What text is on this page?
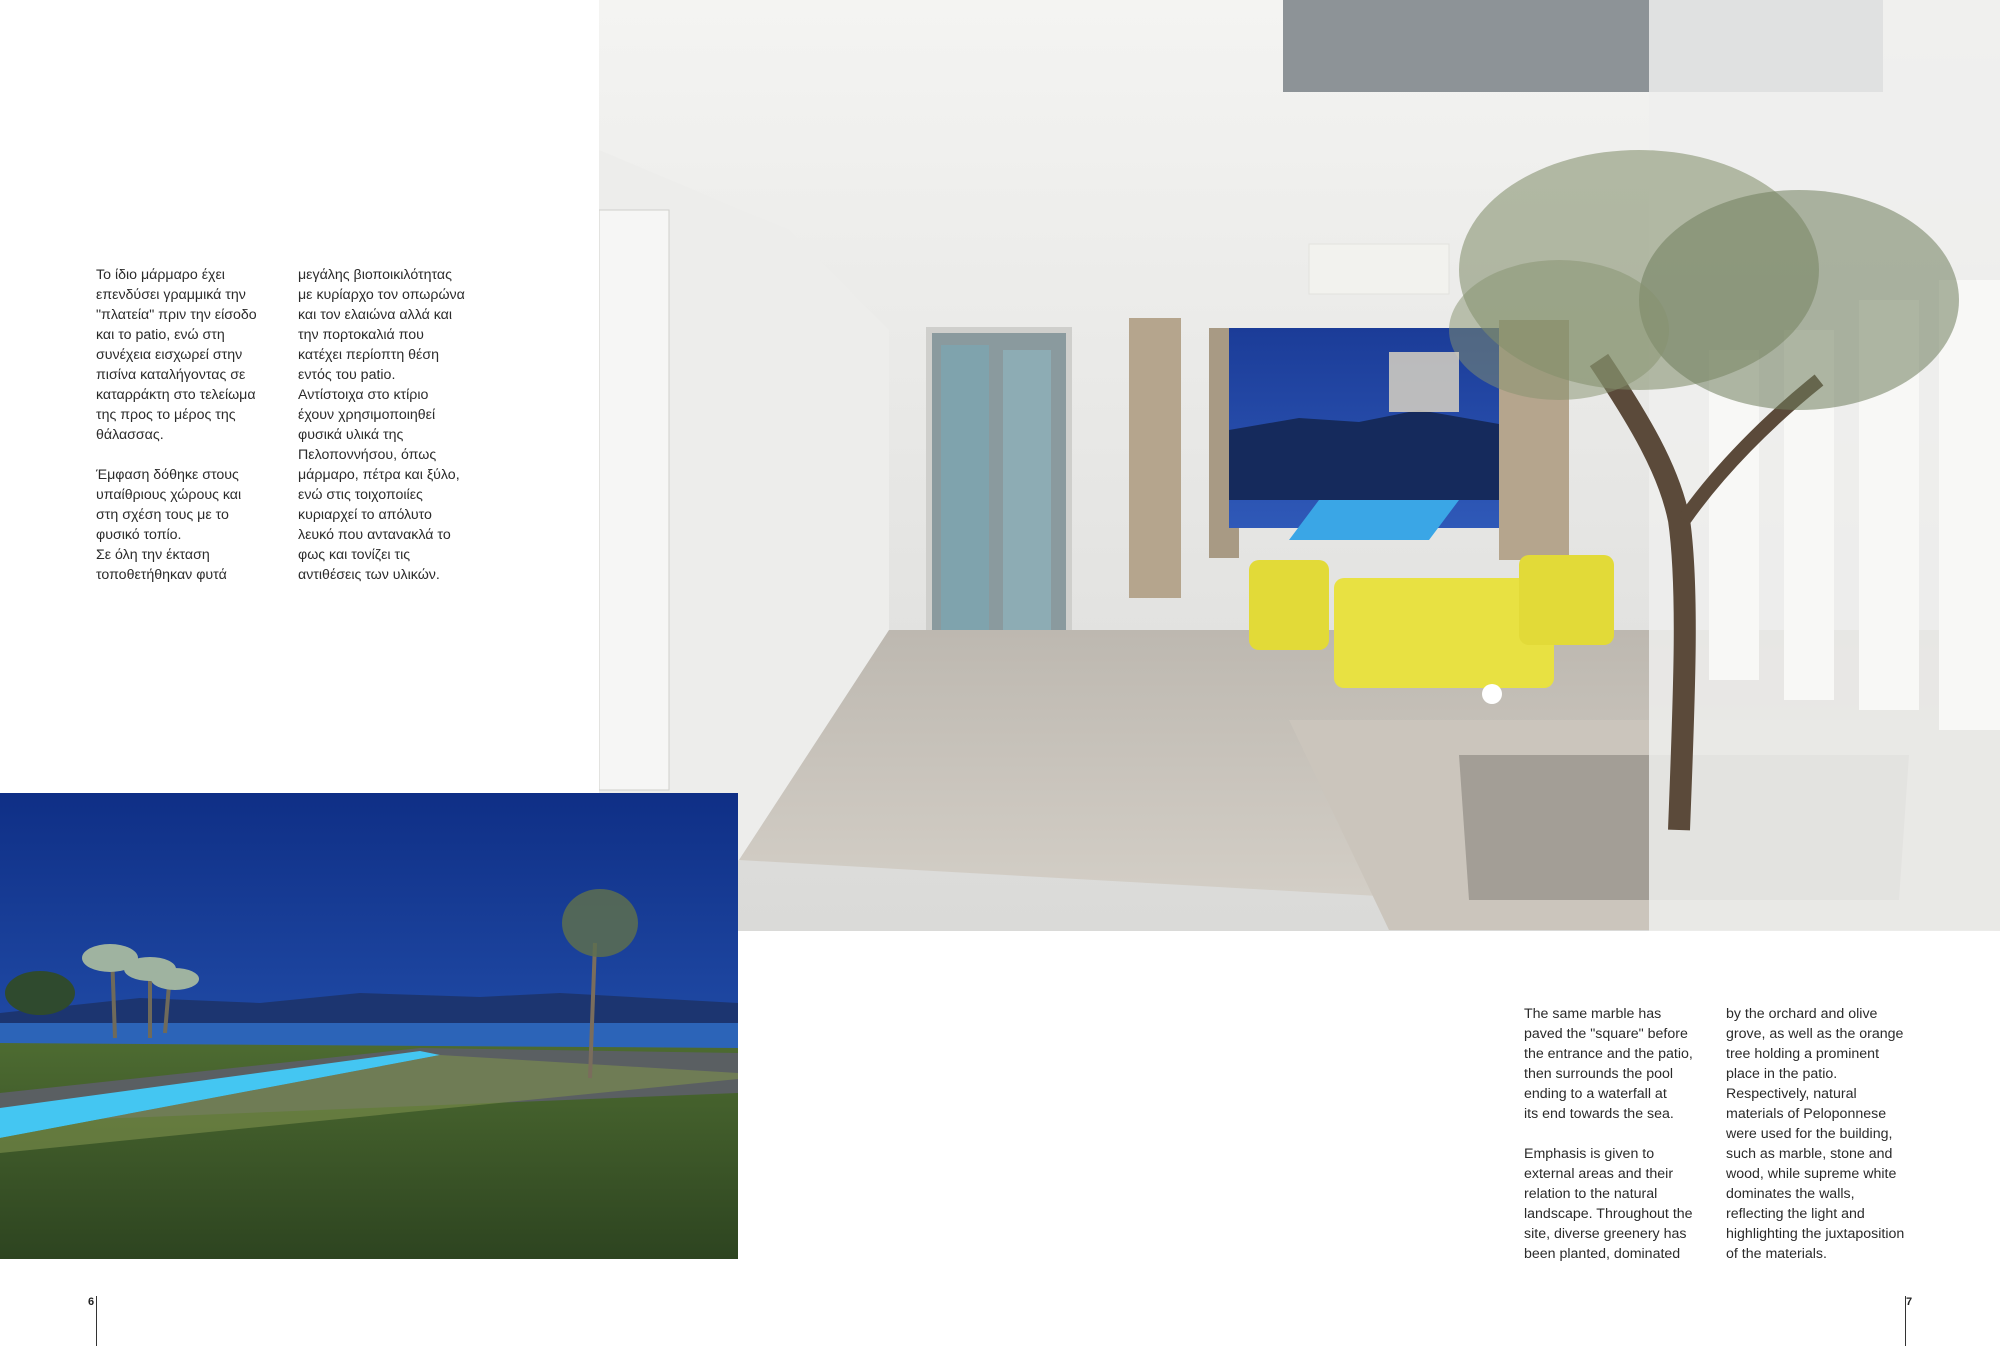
Το ίδιο μάρμαρο έχει
επενδύσει γραμμικά την
"πλατεία" πριν την είσοδο
και το patio, ενώ στη
συνέχεια εισχωρεί στην
πισίνα καταλήγοντας σε
καταρράκτη στο τελείωμα
της προς το μέρος της
θάλασσας.

Έμφαση δόθηκε στους
υπαίθριους χώρους και
στη σχέση τους με το
φυσικό τοπίο.
Σε όλη την έκταση
τοποθετήθηκαν φυτά
μεγάλης βιοποικιλότητας
με κυρίαρχο τον οπωρώνα
και τον ελαιώνα αλλά και
την πορτοκαλιά που
κατέχει περίοπτη θέση
εντός του patio.
Αντίστοιχα στο κτίριο
έχουν χρησιμοποιηθεί
φυσικά υλικά της
Πελοποννήσου, όπως
μάρμαρο, πέτρα και ξύλο,
ενώ στις τοιχοποιίες
κυριαρχεί το απόλυτο
λευκό που αντανακλά το
φως και τονίζει τις
αντιθέσεις των υλικών.
The same marble has
paved the "square" before
the entrance and the patio,
then surrounds the pool
ending to a waterfall at
its end towards the sea.

Emphasis is given to
external areas and their
relation to the natural
landscape. Throughout the
site, diverse greenery has
been planted, dominated
by the orchard and olive
grove, as well as the orange
tree holding a prominent
place in the patio.
Respectively, natural
materials of Peloponnese
were used for the building,
such as marble, stone and
wood, while supreme white
dominates the walls,
reflecting the light and
highlighting the juxtaposition
of the materials.
6	7
